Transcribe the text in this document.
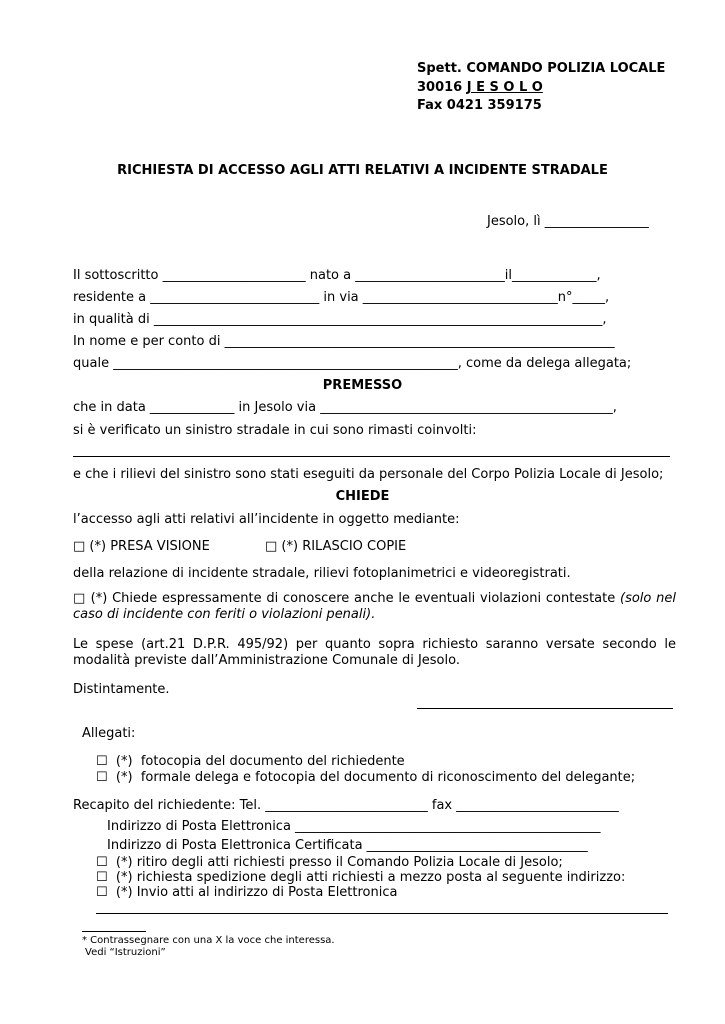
Spett. COMANDO POLIZIA LOCALE
30016 J E S O L O
Fax 0421 359175
RICHIESTA DI ACCESSO AGLI ATTI RELATIVI A INCIDENTE STRADALE
Jesolo, lì ________________
Il sottoscritto ______________________ nato a _______________________il_____________,
residente a __________________________ in via ______________________________n°_____,
in qualità di _____________________________________________________________________,
In nome e per conto di ____________________________________________________________
quale _____________________________________________________, come da delega allegata;
PREMESSO
che in data _____________ in Jesolo via _____________________________________________,
si è verificato un sinistro stradale in cui sono rimasti coinvolti:
e che i rilievi del sinistro sono stati eseguiti da personale del Corpo Polizia Locale di Jesolo;
CHIEDE
l’accesso agli atti relativi all’incidente in oggetto mediante:
□ (*) PRESA VISIONE	□ (*) RILASCIO COPIE
della relazione di incidente stradale, rilievi fotoplanimetrici e videoregistrati.
□ (*) Chiede espressamente di conoscere anche le eventuali violazioni contestate (solo nel caso di incidente con feriti o violazioni penali).
Le spese (art.21 D.P.R. 495/92) per quanto sopra richiesto saranno versate secondo le modalità previste dall’Amministrazione Comunale di Jesolo.
Distintamente.
Allegati:
☐  (*)  fotocopia del documento del richiedente
☐  (*)  formale delega e fotocopia del documento di riconoscimento del delegante;
Recapito del richiedente: Tel. _________________________ fax _________________________
Indirizzo di Posta Elettronica _______________________________________________
Indirizzo di Posta Elettronica Certificata __________________________________
☐  (*) ritiro degli atti richiesti presso il Comando Polizia Locale di Jesolo;
☐  (*) richiesta spedizione degli atti richiesti a mezzo posta al seguente indirizzo:
☐  (*) Invio atti al indirizzo di Posta Elettronica
* Contrassegnare con una X la voce che interessa.
Vedi “Istruzioni”
